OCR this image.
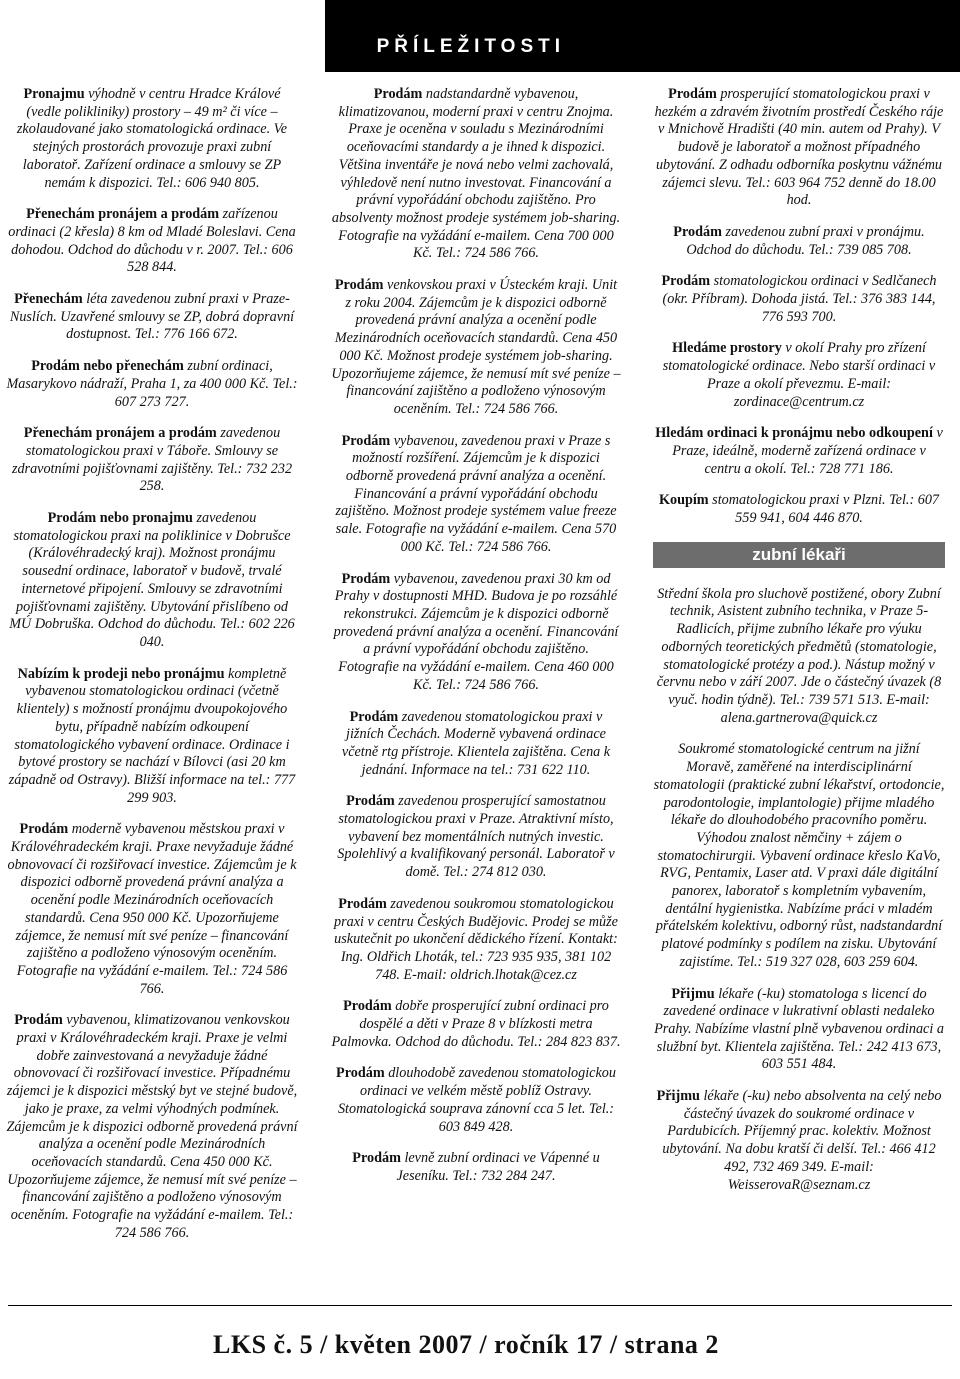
PŘÍLEŽITOSTI

Pronajmu výhodně v centru Hradce Králové (vedle polikliniky) prostory – 49 m² či více – zkolaudované jako stomatologická ordinace. Ve stejných prostorách provozuje praxi zubní laboratoř. Zařízení ordinace a smlouvy se ZP nemám k dispozici. Tel.: 606 940 805.

Přenechám pronájem a prodám zařízenou ordinaci (2 křesla) 8 km od Mladé Boleslavi. Cena dohodou. Odchod do důchodu v r. 2007. Tel.: 606 528 844.

Přenechám léta zavedenou zubní praxi v Praze-Nuslích. Uzavřené smlouvy se ZP, dobrá dopravní dostupnost. Tel.: 776 166 672.

Prodám nebo přenechám zubní ordinaci, Masarykovo nádraží, Praha 1, za 400 000 Kč. Tel.: 607 273 727.

Přenechám pronájem a prodám zavedenou stomatologickou praxi v Táboře. Smlouvy se zdravotními pojišťovnami zajištěny. Tel.: 732 232 258.

Prodám nebo pronajmu zavedenou stomatologickou praxi na poliklinice v Dobrušce (Královéhradecký kraj). Možnost pronájmu sousední ordinace, laboratoř v budově, trvalé internetové připojení. Smlouvy se zdravotními pojišťovnami zajištěny. Ubytování přislíbeno od MÚ Dobruška. Odchod do důchodu. Tel.: 602 226 040.

Nabízím k prodeji nebo pronájmu kompletně vybavenou stomatologickou ordinaci (včetně klientely) s možností pronájmu dvoupokojového bytu, případně nabízím odkoupení stomatologického vybavení ordinace. Ordinace i bytové prostory se nachází v Bílovci (asi 20 km západně od Ostravy). Bližší informace na tel.: 777 299 903.

Prodám moderně vybavenou městskou praxi v Královéhradeckém kraji. Praxe nevyžaduje žádné obnovovací či rozšiřovací investice. Zájemcům je k dispozici odborně provedená právní analýza a ocenění podle Mezinárodních oceňovacích standardů. Cena 950 000 Kč. Upozorňujeme zájemce, že nemusí mít své peníze – financování zajištěno a podloženo výnosovým oceněním. Fotografie na vyžádání e-mailem. Tel.: 724 586 766.

Prodám vybavenou, klimatizovanou venkovskou praxi v Královéhradeckém kraji. Praxe je velmi dobře zainvestovaná a nevyžaduje žádné obnovovací či rozšiřovací investice. Případnému zájemci je k dispozici městský byt ve stejné budově, jako je praxe, za velmi výhodných podmínek. Zájemcům je k dispozici odborně provedená právní analýza a ocenění podle Mezinárodních oceňovacích standardů. Cena 450 000 Kč. Upozorňujeme zájemce, že nemusí mít své peníze – financování zajištěno a podloženo výnosovým oceněním. Fotografie na vyžádání e-mailem. Tel.: 724 586 766.

Prodám nadstandardně vybavenou, klimatizovanou, moderní praxi v centru Znojma. Praxe je oceněna v souladu s Mezinárodními oceňovacími standardy a je ihned k dispozici. Většina inventáře je nová nebo velmi zachovalá, výhledově není nutno investovat. Financování a právní vypořádání obchodu zajištěno. Pro absolventy možnost prodeje systémem job-sharing. Fotografie na vyžádání e-mailem. Cena 700 000 Kč. Tel.: 724 586 766.

Prodám venkovskou praxi v Ústeckém kraji. Unit z roku 2004. Zájemcům je k dispozici odborně provedená právní analýza a ocenění podle Mezinárodních oceňovacích standardů. Cena 450 000 Kč. Možnost prodeje systémem job-sharing. Upozorňujeme zájemce, že nemusí mít své peníze – financování zajištěno a podloženo výnosovým oceněním. Tel.: 724 586 766.

Prodám vybavenou, zavedenou praxi v Praze s možností rozšíření. Zájemcům je k dispozici odborně provedená právní analýza a ocenění. Financování a právní vypořádání obchodu zajištěno. Možnost prodeje systémem value freeze sale. Fotografie na vyžádání e-mailem. Cena 570 000 Kč. Tel.: 724 586 766.

Prodám vybavenou, zavedenou praxi 30 km od Prahy v dostupnosti MHD. Budova je po rozsáhlé rekonstrukci. Zájemcům je k dispozici odborně provedená právní analýza a ocenění. Financování a právní vypořádání obchodu zajištěno. Fotografie na vyžádání e-mailem. Cena 460 000 Kč. Tel.: 724 586 766.

Prodám zavedenou stomatologickou praxi v jižních Čechách. Moderně vybavená ordinace včetně rtg přístroje. Klientela zajištěna. Cena k jednání. Informace na tel.: 731 622 110.

Prodám zavedenou prosperující samostatnou stomatologickou praxi v Praze. Atraktivní místo, vybavení bez momentálních nutných investic. Spolehlivý a kvalifikovaný personál. Laboratoř v domě. Tel.: 274 812 030.

Prodám zavedenou soukromou stomatologickou praxi v centru Českých Budějovic. Prodej se může uskutečnit po ukončení dědického řízení. Kontakt: Ing. Oldřich Lhoták, tel.: 723 935 935, 381 102 748. E-mail: oldrich.lhotak@cez.cz

Prodám dobře prosperující zubní ordinaci pro dospělé a děti v Praze 8 v blízkosti metra Palmovka. Odchod do důchodu. Tel.: 284 823 837.

Prodám dlouhodobě zavedenou stomatologickou ordinaci ve velkém městě poblíž Ostravy. Stomatologická souprava zánovní cca 5 let. Tel.: 603 849 428.

Prodám levně zubní ordinaci ve Vápenné u Jeseníku. Tel.: 732 284 247.

Prodám prosperující stomatologickou praxi v hezkém a zdravém životním prostředí Českého ráje v Mnichově Hradišti (40 min. autem od Prahy). V budově je laboratoř a možnost případného ubytování. Z odhadu odborníka poskytnu vážnému zájemci slevu. Tel.: 603 964 752 denně do 18.00 hod.

Prodám zavedenou zubní praxi v pronájmu. Odchod do důchodu. Tel.: 739 085 708.

Prodám stomatologickou ordinaci v Sedlčanech (okr. Příbram). Dohoda jistá. Tel.: 376 383 144, 776 593 700.

Hledáme prostory v okolí Prahy pro zřízení stomatologické ordinace. Nebo starší ordinaci v Praze a okolí převezmu. E-mail: zordinace@centrum.cz

Hledám ordinaci k pronájmu nebo odkoupení v Praze, ideálně, moderně zařízená ordinace v centru a okolí. Tel.: 728 771 186.

Koupím stomatologickou praxi v Plzni. Tel.: 607 559 941, 604 446 870.

zubní lékaři

Střední škola pro sluchově postižené, obory Zubní technik, Asistent zubního technika, v Praze 5-Radlicích, přijme zubního lékaře pro výuku odborných teoretických předmětů (stomatologie, stomatologické protézy a pod.). Nástup možný v červnu nebo v září 2007. Jde o částečný úvazek (8 vyuč. hodin týdně). Tel.: 739 571 513. E-mail: alena.gartnerova@quick.cz

Soukromé stomatologické centrum na jižní Moravě, zaměřené na interdisciplinární stomatologii (praktické zubní lékařství, ortodoncie, parodontologie, implantologie) přijme mladého lékaře do dlouhodobého pracovního poměru. Výhodou znalost němčiny + zájem o stomatochirurgii. Vybavení ordinace křeslo KaVo, RVG, Pentamix, Laser atd. V praxi dále digitální panorex, laboratoř s kompletním vybavením, dentální hygienistka. Nabízíme práci v mladém přátelském kolektivu, odborný růst, nadstandardní platové podmínky s podílem na zisku. Ubytování zajistíme. Tel.: 519 327 028, 603 259 604.

Přijmu lékaře (-ku) stomatologa s licencí do zavedené ordinace v lukrativní oblasti nedaleko Prahy. Nabízíme vlastní plně vybavenou ordinaci a službní byt. Klientela zajištěna. Tel.: 242 413 673, 603 551 484.

Přijmu lékaře (-ku) nebo absolventa na celý nebo částečný úvazek do soukromé ordinace v Pardubicích. Příjemný prac. kolektiv. Možnost ubytování. Na dobu kratší či delší. Tel.: 466 412 492, 732 469 349. E-mail: WeisserovaR@seznam.cz

LKS č. 5 / květen 2007 / ročník 17 / strana 2
